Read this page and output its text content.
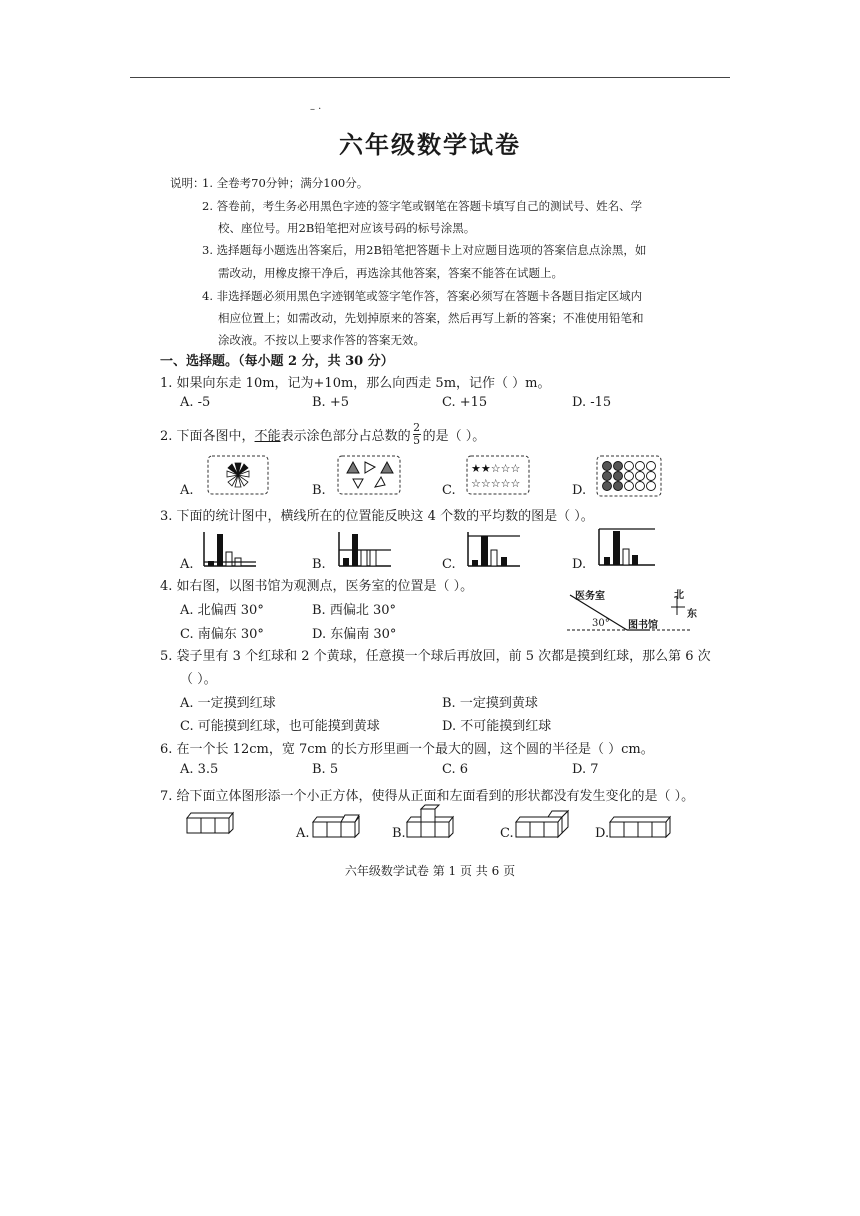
– ·
六年级数学试卷
说明：
1. 全卷考70分钟；满分100分。
2. 答卷前，考生务必用黑色字迹的签字笔或钢笔在答题卡填写自己的测试号、姓名、学
校、座位号。用2B铅笔把对应该号码的标号涂黑。
3. 选择题每小题选出答案后，用2B铅笔把答题卡上对应题目选项的答案信息点涂黑，如
需改动，用橡皮擦干净后，再选涂其他答案，答案不能答在试题上。
4. 非选择题必须用黑色字迹钢笔或签字笔作答，答案必须写在答题卡各题目指定区域内
相应位置上；如需改动，先划掉原来的答案，然后再写上新的答案；不准使用铅笔和
涂改液。不按以上要求作答的答案无效。
一、选择题。（每小题 2 分，共 30 分）
1. 如果向东走 10m，记为+10m，那么向西走 5m，记作（ ）m。
A. -5	B. +5	C. +15	D. -15
2. 下面各图中， 不能 表示涂色部分占总数的 $\frac{2}{5}$ 的是（ ）。
A.	B.	C.	D.
★★☆☆☆
☆☆☆☆☆
3. 下面的统计图中，横线所在的位置能反映这 4 个数的平均数的图是（ ）。
A.	B.	C.	D.
4. 如右图，以图书馆为观测点，医务室的位置是（ ）。
A. 北偏西 30°	B. 西偏北 30°
C. 南偏东 30°	D. 东偏南 30°
医务室	北
东
30° 图书馆
5. 袋子里有 3 个红球和 2 个黄球，任意摸一个球后再放回，前 5 次都是摸到红球，那么第 6 次
（ ）。
A. 一定摸到红球	B. 一定摸到黄球
C. 可能摸到红球，也可能摸到黄球	D. 不可能摸到红球
6. 在一个长 12cm，宽 7cm 的长方形里画一个最大的圆，这个圆的半径是（ ）cm。
A. 3.5	B. 5	C. 6	D. 7
7. 给下面立体图形添一个小正方体，使得从正面和左面看到的形状都没有发生变化的是（ ）。
A.	B.	C.	D.
六年级数学试卷 第 1 页 共 6 页
